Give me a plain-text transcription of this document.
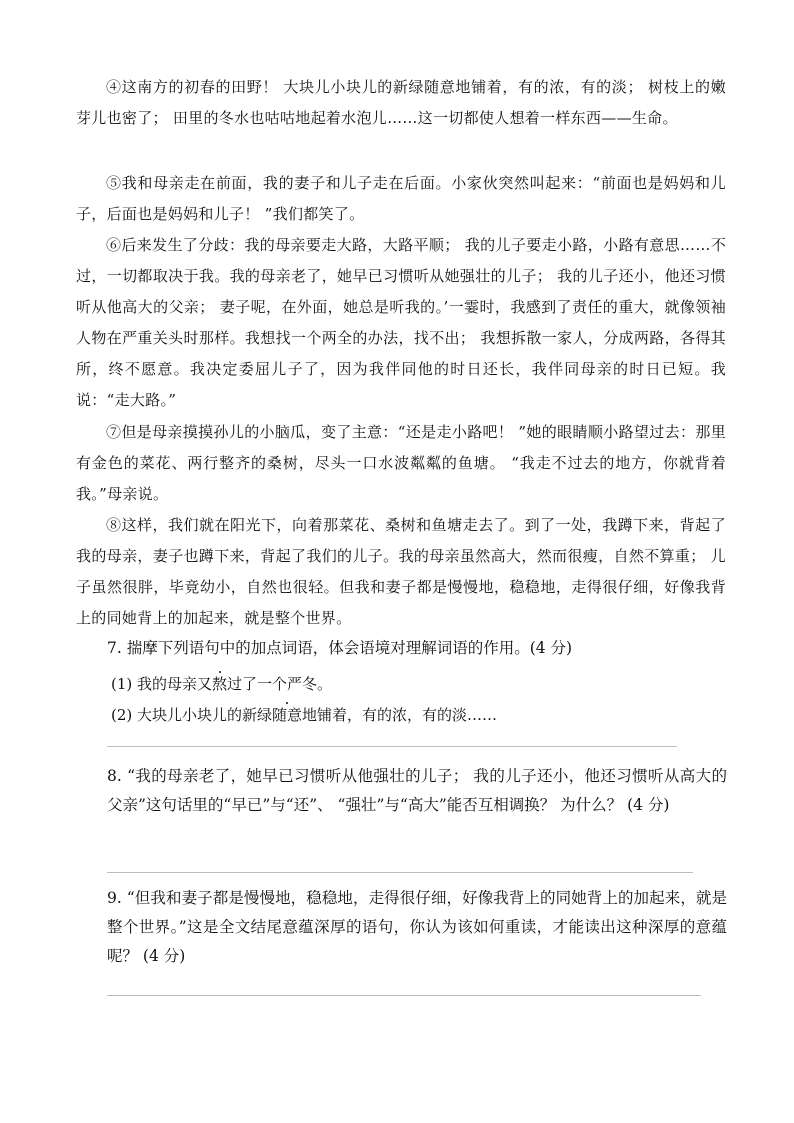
④这南方的初春的田野！ 大块儿小块儿的新绿随意地铺着，有的浓，有的淡； 树枝上的嫩芽儿也密了； 田里的冬水也咕咕地起着水泡儿……这一切都使人想着一样东西——生命。
⑤我和母亲走在前面，我的妻子和儿子走在后面。小家伙突然叫起来：“前面也是妈妈和儿子，后面也是妈妈和儿子！ ”我们都笑了。
⑥后来发生了分歧：我的母亲要走大路，大路平顺； 我的儿子要走小路，小路有意思……不过，一切都取决于我。我的母亲老了，她早已习惯听从她强壮的儿子； 我的儿子还小，他还习惯听从他高大的父亲； 妻子呢，在外面，她总是听我的。’一霎时，我感到了责任的重大，就像领袖人物在严重关头时那样。我想找一个两全的办法，找不出； 我想拆散一家人，分成两路，各得其所，终不愿意。我决定委屈儿子了，因为我伴同他的时日还长，我伴同母亲的时日已短。我说：“走大路。”
⑦但是母亲摸摸孙儿的小脑瓜，变了主意：“还是走小路吧！ ”她的眼睛顺小路望过去：那里有金色的菜花、两行整齐的桑树，尽头一口水波粼粼的鱼塘。 “我走不过去的地方，你就背着我。”母亲说。
⑧这样，我们就在阳光下，向着那菜花、桑树和鱼塘走去了。到了一处，我蹲下来，背起了我的母亲，妻子也蹲下来，背起了我们的儿子。我的母亲虽然高大，然而很瘦，自然不算重； 儿子虽然很胖，毕竟幼小，自然也很轻。但我和妻子都是慢慢地，稳稳地，走得很仔细，好像我背上的同她背上的加起来，就是整个世界。
7. 揣摩下列语句中的加点词语，体会语境对理解词语的作用。(4 分)
(1) 我的母亲又熬过了一个严冬。
(2) 大块儿小块儿的新绿随意地铺着，有的浓，有的淡……
8. “我的母亲老了，她早已习惯听从他强壮的儿子； 我的儿子还小，他还习惯听从高大的父亲”这句话里的“早已”与“还”、 “强壮”与“高大”能否互相调换？ 为什么？ (4 分)
9. “但我和妻子都是慢慢地，稳稳地，走得很仔细，好像我背上的同她背上的加起来，就是整个世界。”这是全文结尾意蕴深厚的语句，你认为该如何重读，才能读出这种深厚的意蕴呢？ (4 分)
